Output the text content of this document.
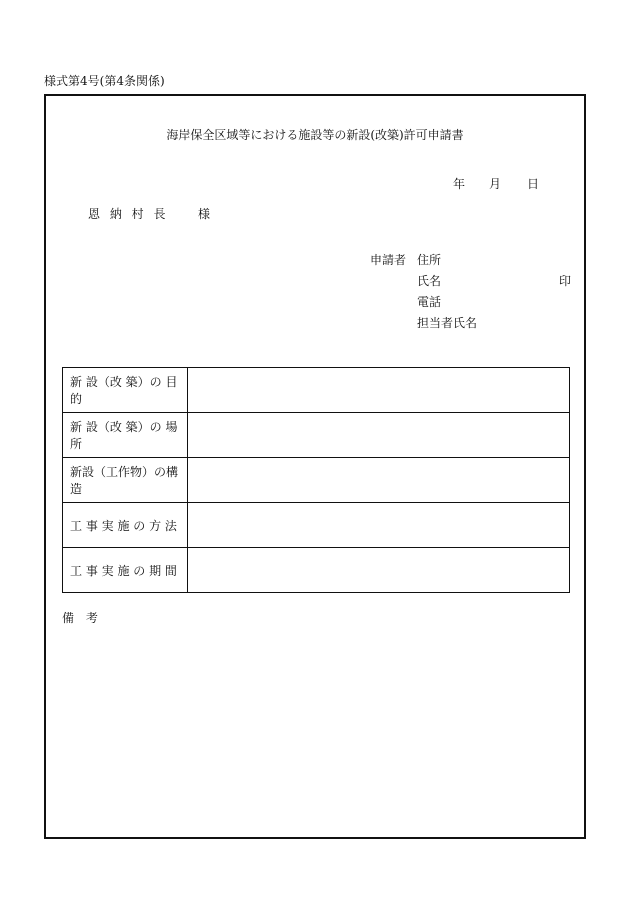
様式第4号(第4条関係)
海岸保全区域等における施設等の新設(改築)許可申請書
年 月 日
恩 納 村 長 様
申請者 住所
氏名	印
電話
担当者氏名
新 設（改 築）の 目 的	
新 設（改 築）の 場 所	
新設（工作物）の構造	
工 事 実 施 の 方 法	
工 事 実 施 の 期 間	
備 考
